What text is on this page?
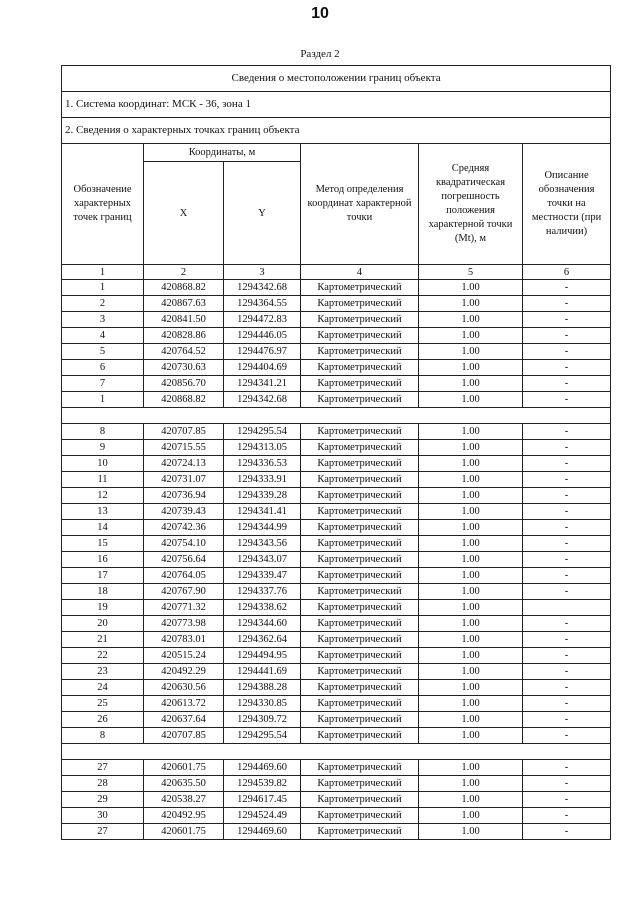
10
Раздел 2
Сведения о местоположении границ объекта					
1. Система координат: МСК - 36, зона 1					
2. Сведения о характерных точках границ объекта					
Обозначение характерных точек границ	Координаты, м		Метод определения координат характерной точки	Средняя квадратическая погрешность положения характерной точки (Mt), м	Описание обозначения точки на местности (при наличии)
	X	Y			
1	2	3	4	5	6
1	420868.82	1294342.68	Картометрический	1.00	-
2	420867.63	1294364.55	Картометрический	1.00	-
3	420841.50	1294472.83	Картометрический	1.00	-
4	420828.86	1294446.05	Картометрический	1.00	-
5	420764.52	1294476.97	Картометрический	1.00	-
6	420730.63	1294404.69	Картометрический	1.00	-
7	420856.70	1294341.21	Картометрический	1.00	-
1	420868.82	1294342.68	Картометрический	1.00	-

8	420707.85	1294295.54	Картометрический	1.00	-
9	420715.55	1294313.05	Картометрический	1.00	-
10	420724.13	1294336.53	Картометрический	1.00	-
11	420731.07	1294333.91	Картометрический	1.00	-
12	420736.94	1294339.28	Картометрический	1.00	-
13	420739.43	1294341.41	Картометрический	1.00	-
14	420742.36	1294344.99	Картометрический	1.00	-
15	420754.10	1294343.56	Картометрический	1.00	-
16	420756.64	1294343.07	Картометрический	1.00	-
17	420764.05	1294339.47	Картометрический	1.00	-
18	420767.90	1294337.76	Картометрический	1.00	-
19	420771.32	1294338.62	Картометрический	1.00	
20	420773.98	1294344.60	Картометрический	1.00	-
21	420783.01	1294362.64	Картометрический	1.00	-
22	420515.24	1294494.95	Картометрический	1.00	-
23	420492.29	1294441.69	Картометрический	1.00	-
24	420630.56	1294388.28	Картометрический	1.00	-
25	420613.72	1294330.85	Картометрический	1.00	-
26	420637.64	1294309.72	Картометрический	1.00	-
8	420707.85	1294295.54	Картометрический	1.00	-

27	420601.75	1294469.60	Картометрический	1.00	-
28	420635.50	1294539.82	Картометрический	1.00	-
29	420538.27	1294617.45	Картометрический	1.00	-
30	420492.95	1294524.49	Картометрический	1.00	-
27	420601.75	1294469.60	Картометрический	1.00	-
